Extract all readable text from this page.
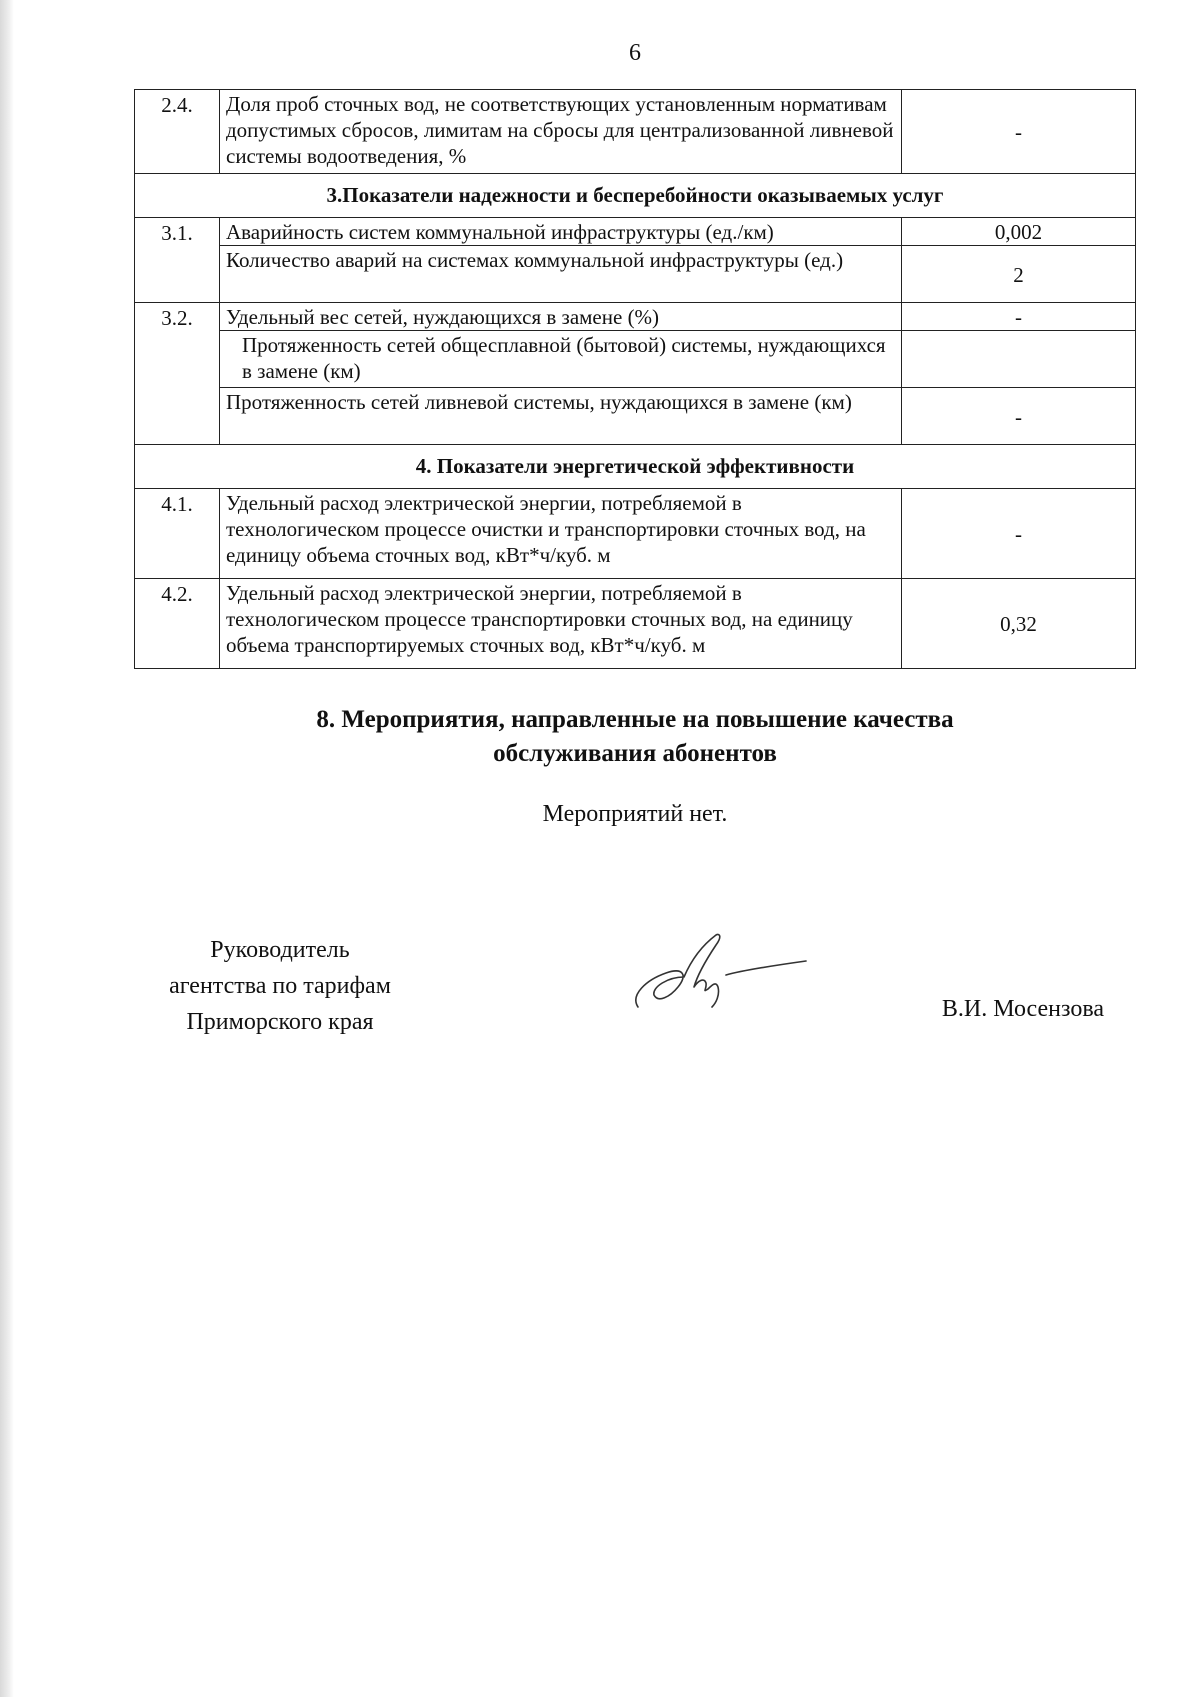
6
2.4.	Доля проб сточных вод, не соответствующих установленным нормативам допустимых сбросов, лимитам на сбросы для централизованной ливневой системы водоотведения, %	-
3.Показатели надежности и бесперебойности оказываемых услуг		
3.1.	Аварийность систем коммунальной инфраструктуры (ед./км)	0,002
	Количество аварий на системах коммунальной инфраструктуры (ед.)	2
3.2.	Удельный вес сетей, нуждающихся в замене (%)	-
	Протяженность сетей общесплавной (бытовой) системы, нуждающихся в замене (км)	
	Протяженность сетей ливневой системы, нуждающихся в замене (км)	-
4. Показатели энергетической эффективности		
4.1.	Удельный расход электрической энергии, потребляемой в технологическом процессе очистки и транспортировки сточных вод, на единицу объема сточных вод, кВт*ч/куб. м	-
4.2.	Удельный расход электрической энергии, потребляемой в технологическом процессе транспортировки сточных вод, на единицу объема транспортируемых сточных вод, кВт*ч/куб. м	0,32
8. Мероприятия, направленные на повышение качества
обслуживания абонентов
Мероприятий нет.
Руководитель
агентства по тарифам
Приморского края	В.И. Мосензова
